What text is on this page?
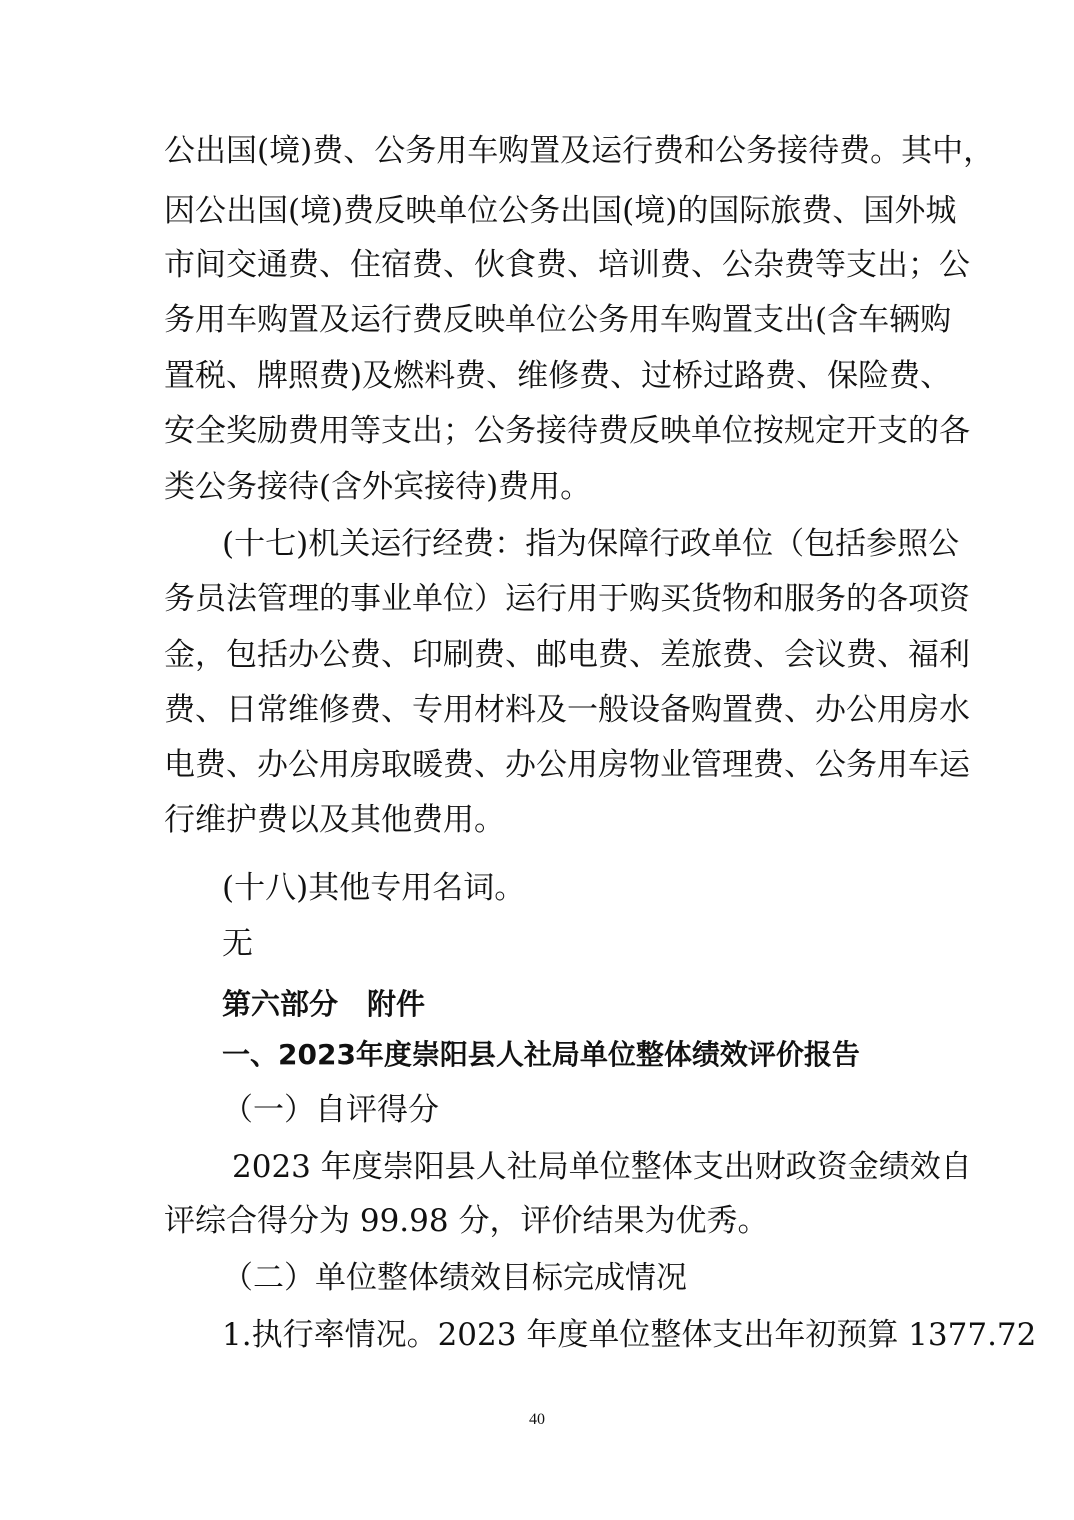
公出国(境)费、公务用车购置及运行费和公务接待费。其中，
因公出国(境)费反映单位公务出国(境)的国际旅费、国外城
市间交通费、住宿费、伙食费、培训费、公杂费等支出；公
务用车购置及运行费反映单位公务用车购置支出(含车辆购
置税、牌照费)及燃料费、维修费、过桥过路费、保险费、
安全奖励费用等支出；公务接待费反映单位按规定开支的各
类公务接待(含外宾接待)费用。
(十七)机关运行经费：指为保障行政单位（包括参照公
务员法管理的事业单位）运行用于购买货物和服务的各项资
金，包括办公费、印刷费、邮电费、差旅费、会议费、福利
费、日常维修费、专用材料及一般设备购置费、办公用房水
电费、办公用房取暖费、办公用房物业管理费、公务用车运
行维护费以及其他费用。
(十八)其他专用名词。
无
第六部分　附件
一、2023年度崇阳县人社局单位整体绩效评价报告
（一）自评得分
2023 年度崇阳县人社局单位整体支出财政资金绩效自
评综合得分为 99.98 分，评价结果为优秀。
（二）单位整体绩效目标完成情况
1.执行率情况。2023 年度单位整体支出年初预算 1377.72
40
